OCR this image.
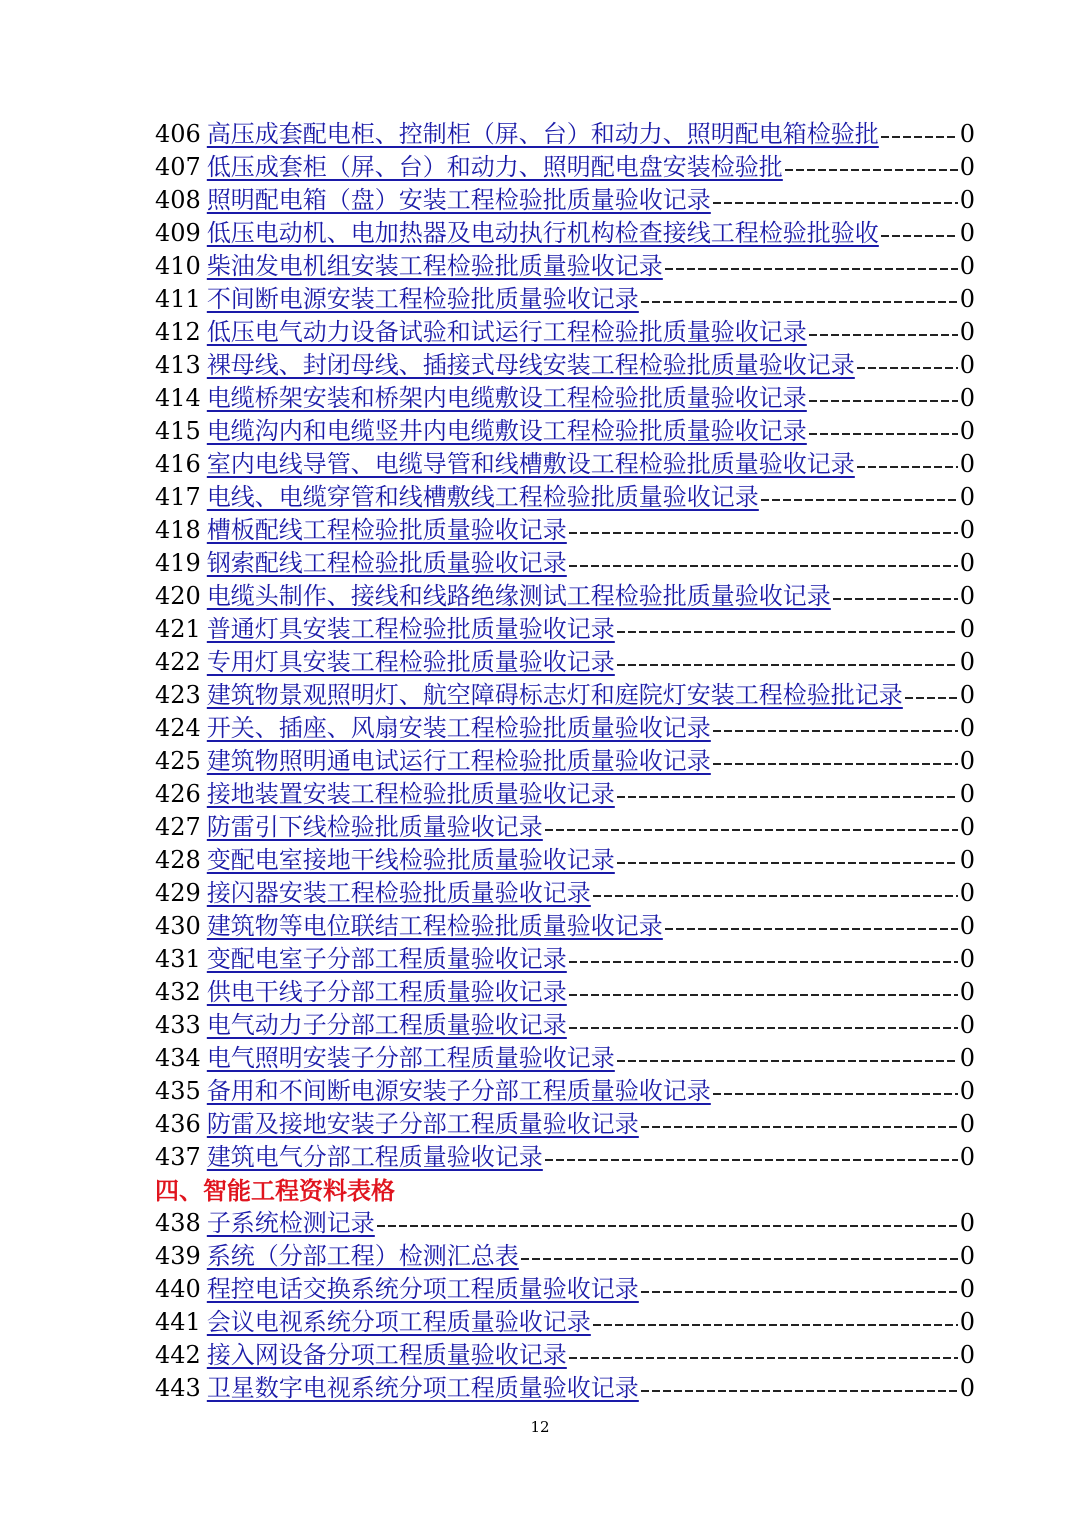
406 高压成套配电柜、控制柜（屏、台）和动力、照明配电箱检验批	0
407 低压成套柜（屏、台）和动力、照明配电盘安装检验批	0
408 照明配电箱（盘）安装工程检验批质量验收记录	0
409 低压电动机、电加热器及电动执行机构检查接线工程检验批验收	0
410 柴油发电机组安装工程检验批质量验收记录	0
411 不间断电源安装工程检验批质量验收记录	0
412 低压电气动力设备试验和试运行工程检验批质量验收记录	0
413 裸母线、封闭母线、插接式母线安装工程检验批质量验收记录	0
414 电缆桥架安装和桥架内电缆敷设工程检验批质量验收记录	0
415 电缆沟内和电缆竖井内电缆敷设工程检验批质量验收记录	0
416 室内电线导管、电缆导管和线槽敷设工程检验批质量验收记录	0
417 电线、电缆穿管和线槽敷线工程检验批质量验收记录	0
418 槽板配线工程检验批质量验收记录	0
419 钢索配线工程检验批质量验收记录	0
420 电缆头制作、接线和线路绝缘测试工程检验批质量验收记录	0
421 普通灯具安装工程检验批质量验收记录	0
422 专用灯具安装工程检验批质量验收记录	0
423 建筑物景观照明灯、航空障碍标志灯和庭院灯安装工程检验批记录 0
424 开关、插座、风扇安装工程检验批质量验收记录	0
425 建筑物照明通电试运行工程检验批质量验收记录	0
426 接地装置安装工程检验批质量验收记录	0
427 防雷引下线检验批质量验收记录	0
428 变配电室接地干线检验批质量验收记录	0
429 接闪器安装工程检验批质量验收记录	0
430 建筑物等电位联结工程检验批质量验收记录	0
431 变配电室子分部工程质量验收记录	0
432 供电干线子分部工程质量验收记录	0
433 电气动力子分部工程质量验收记录	0
434 电气照明安装子分部工程质量验收记录	0
435 备用和不间断电源安装子分部工程质量验收记录	0
436 防雷及接地安装子分部工程质量验收记录	0
437 建筑电气分部工程质量验收记录	0
四、智能工程资料表格
438 子系统检测记录	0
439 系统（分部工程）检测汇总表	0
440 程控电话交换系统分项工程质量验收记录	0
441 会议电视系统分项工程质量验收记录	0
442 接入网设备分项工程质量验收记录	0
443 卫星数字电视系统分项工程质量验收记录	0
12
